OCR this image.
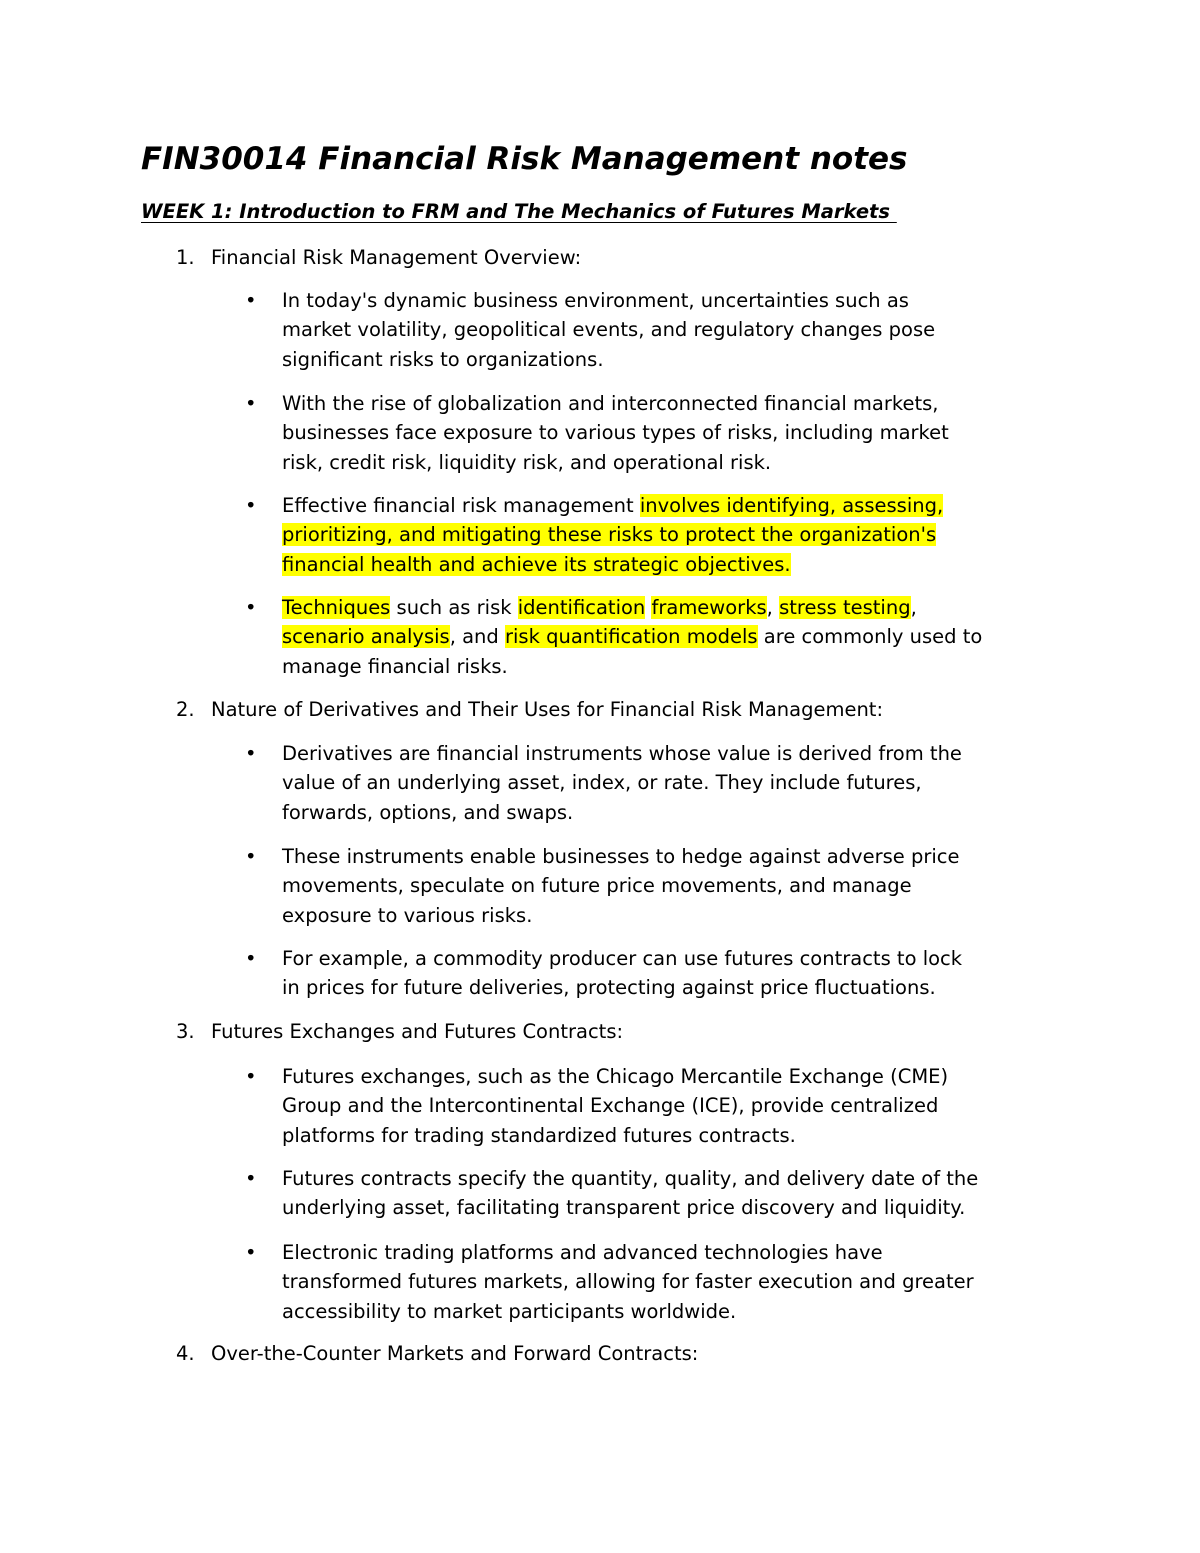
FIN30014 Financial Risk Management notes
WEEK 1: Introduction to FRM and The Mechanics of Futures Markets
1. Financial Risk Management Overview:
• In today's dynamic business environment, uncertainties such as
market volatility, geopolitical events, and regulatory changes pose
significant risks to organizations.
• With the rise of globalization and interconnected financial markets,
businesses face exposure to various types of risks, including market
risk, credit risk, liquidity risk, and operational risk.
• Effective financial risk management involves identifying, assessing,
prioritizing, and mitigating these risks to protect the organization's
financial health and achieve its strategic objectives.
• Techniques such as risk identification frameworks, stress testing,
scenario analysis, and risk quantification models are commonly used to
manage financial risks.
2. Nature of Derivatives and Their Uses for Financial Risk Management:
• Derivatives are financial instruments whose value is derived from the
value of an underlying asset, index, or rate. They include futures,
forwards, options, and swaps.
• These instruments enable businesses to hedge against adverse price
movements, speculate on future price movements, and manage
exposure to various risks.
• For example, a commodity producer can use futures contracts to lock
in prices for future deliveries, protecting against price fluctuations.
3. Futures Exchanges and Futures Contracts:
• Futures exchanges, such as the Chicago Mercantile Exchange (CME)
Group and the Intercontinental Exchange (ICE), provide centralized
platforms for trading standardized futures contracts.
• Futures contracts specify the quantity, quality, and delivery date of the
underlying asset, facilitating transparent price discovery and liquidity.
• Electronic trading platforms and advanced technologies have
transformed futures markets, allowing for faster execution and greater
accessibility to market participants worldwide.
4. Over-the-Counter Markets and Forward Contracts:
